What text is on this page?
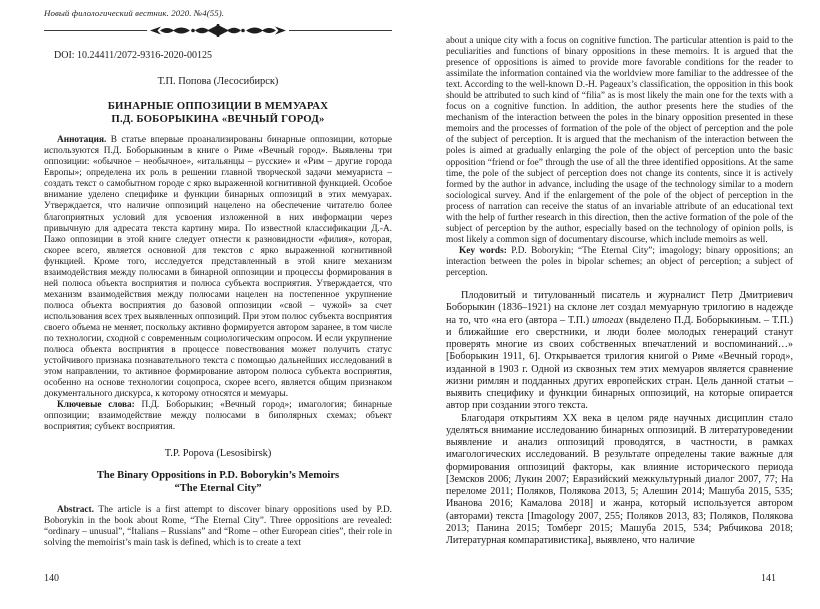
Новый филологический вестник. 2020. №4(55).
DOI: 10.24411/2072-9316-2020-00125
Т.П. Попова (Лесосибирск)
БИНАРНЫЕ ОППОЗИЦИИ В МЕМУАРАХ
П.Д. БОБОРЫКИНА «ВЕЧНЫЙ ГОРОД»

Аннотация. В статье впервые проанализированы бинарные оппозиции, которые используются П.Д. Боборыкиным в книге о Риме «Вечный город». Выявлены три оппозиции: «обычное – необычное», «итальянцы – русские» и «Рим – другие города Европы»; определена их роль в решении главной творческой задачи мемуариста – создать текст о самобытном городе с ярко выраженной когнитивной функцией. Особое внимание уделено специфике и функции бинарных оппозиций в этих мемуарах. Утверждается, что наличие оппозиций нацелено на обеспечение читателю более благоприятных условий для усвоения изложенной в них информации через привычную для адресата текста картину мира. По известной классификации Д.-А. Пажо оппозиции в этой книге следует отнести к разновидности «филия», которая, скорее всего, является основной для текстов с ярко выраженной когнитивной функцией. Кроме того, исследуется представленный в этой книге механизм взаимодействия между полюсами в бинарной оппозиции и процессы формирования в ней полюса объекта восприятия и полюса субъекта восприятия. Утверждается, что механизм взаимодействия между полюсами нацелен на постепенное укрупнение полюса объекта восприятия до базовой оппозиции «свой – чужой» за счет использования всех трех выявленных оппозиций. При этом полюс субъекта восприятия своего объема не меняет, поскольку активно формируется автором заранее, в том числе по технологии, сходной с современным социологическим опросом. И если укрупнение полюса объекта восприятия в процессе повествования может получить статус устойчивого признака познавательного текста с помощью дальнейших исследований в этом направлении, то активное формирование автором полюса субъекта восприятия, особенно на основе технологии соцопроса, скорее всего, является общим признаком документального дискурса, к которому относятся и мемуары.

Ключевые слова: П.Д. Боборыкин; «Вечный город»; имагология; бинарные оппозиции; взаимодействие между полюсами в биполярных схемах; объект восприятия; субъект восприятия.

T.P. Popova (Lesosibirsk)
The Binary Oppositions in P.D. Boborykin’s Memoirs
“The Eternal City”

Abstract. The article is a first attempt to discover binary oppositions used by P.D. Boborykin in the book about Rome, “The Eternal City”. Three oppositions are revealed: “ordinary – unusual”, “Italians – Russians” and “Rome – other European cities”, their role in solving the memoirist’s main task is defined, which is to create a text

about a unique city with a focus on cognitive function. The particular attention is paid to the peculiarities and functions of binary oppositions in these memoirs. It is argued that the presence of oppositions is aimed to provide more favorable conditions for the reader to assimilate the information contained via the worldview more familiar to the addressee of the text. According to the well-known D.-H. Pageaux’s classification, the opposition in this book should be attributed to such kind of “filia” as is most likely the main one for the texts with a focus on a cognitive function. In addition, the author presents here the studies of the mechanism of the interaction between the poles in the binary opposition presented in these memoirs and the processes of formation of the pole of the object of perception and the pole of the subject of perception. It is argued that the mechanism of the interaction between the poles is aimed at gradually enlarging the pole of the object of perception unto the basic opposition “friend or foe” through the use of all the three identified oppositions. At the same time, the pole of the subject of perception does not change its contents, since it is actively formed by the author in advance, including the usage of the technology similar to a modern sociological survey. And if the enlargement of the pole of the object of perception in the process of narration can receive the status of an invariable attribute of an educational text with the help of further research in this direction, then the active formation of the pole of the subject of perception by the author, especially based on the technology of opinion polls, is most likely a common sign of documentary discourse, which include memoirs as well.

Key words: P.D. Boborykin; “The Eternal City”; imagology; binary oppositions; an interaction between the poles in bipolar schemes; an object of perception; a subject of perception.

Плодовитый и титулованный писатель и журналист Петр Дмитриевич Боборыкин (1836–1921) на склоне лет создал мемуарную трилогию в надежде на то, что «на его (автора – Т.П.) итогах (выделено П.Д. Боборыкиным. – Т.П.) и ближайшие его сверстники, и люди более молодых генераций станут проверять многие из своих собственных впечатлений и воспоминаний…» [Боборыкин 1911, 6]. Открывается трилогия книгой о Риме «Вечный город», изданной в 1903 г. Одной из сквозных тем этих мемуаров является сравнение жизни римлян и подданных других европейских стран. Цель данной статьи – выявить специфику и функции бинарных оппозиций, на которые опирается автор при создании этого текста.

Благодаря открытиям ХХ века в целом ряде научных дисциплин стало уделяться внимание исследованию бинарных оппозиций. В литературоведении выявление и анализ оппозиций проводятся, в частности, в рамках имагологических исследований. В результате определены такие важные для формирования оппозиций факторы, как влияние исторического периода [Земсков 2006; Лукин 2007; Евразийский межкультурный диалог 2007, 77; На переломе 2011; Поляков, Полякова 2013, 5; Алешин 2014; Машуба 2015, 535; Иванова 2016; Камалова 2018] и жанра, который используется автором (авторами) текста [Imagology 2007, 255; Поляков 2013, 83; Поляков, Полякова 2013; Панина 2015; Томберг 2015; Машуба 2015, 534; Рябчикова 2018; Литературная компаративистика], выявлено, что наличие

140	141
